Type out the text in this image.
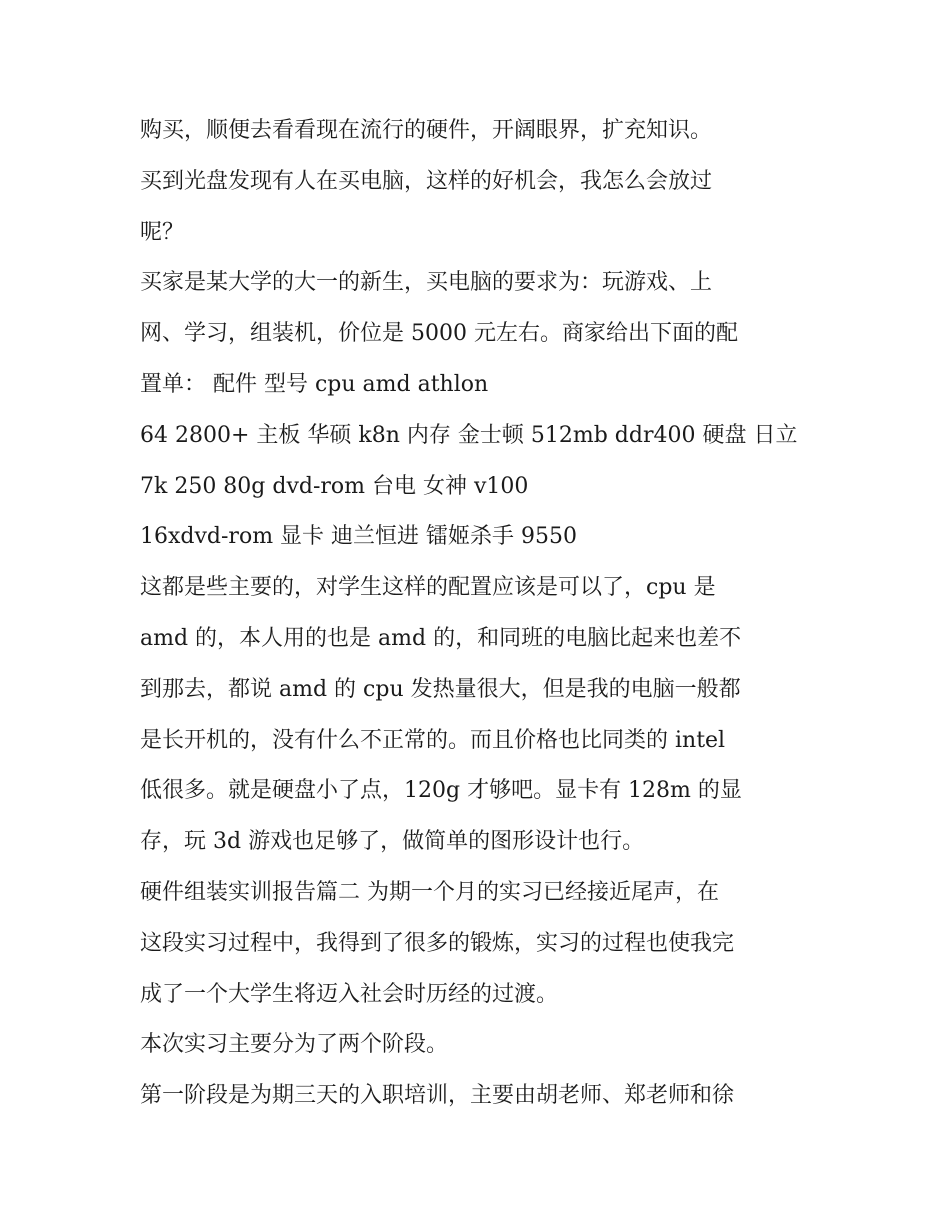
购买，顺便去看看现在流行的硬件，开阔眼界，扩充知识。
买到光盘发现有人在买电脑，这样的好机会，我怎么会放过
呢？
买家是某大学的大一的新生，买电脑的要求为：玩游戏、上
网、学习，组装机，价位是 5000 元左右。商家给出下面的配
置单： 配件 型号 cpu amd athlon
64 2800+ 主板 华硕 k8n 内存 金士顿 512mb ddr400 硬盘 日立
7k 250 80g dvd-rom 台电 女神 v100
16xdvd-rom 显卡 迪兰恒进 镭姬杀手 9550
这都是些主要的，对学生这样的配置应该是可以了，cpu 是
amd 的，本人用的也是 amd 的，和同班的电脑比起来也差不
到那去，都说 amd 的 cpu 发热量很大，但是我的电脑一般都
是长开机的，没有什么不正常的。而且价格也比同类的 intel
低很多。就是硬盘小了点，120g 才够吧。显卡有 128m 的显
存，玩 3d 游戏也足够了，做简单的图形设计也行。
硬件组装实训报告篇二 为期一个月的实习已经接近尾声，在
这段实习过程中，我得到了很多的锻炼，实习的过程也使我完
成了一个大学生将迈入社会时历经的过渡。
本次实习主要分为了两个阶段。
第一阶段是为期三天的入职培训，主要由胡老师、郑老师和徐
